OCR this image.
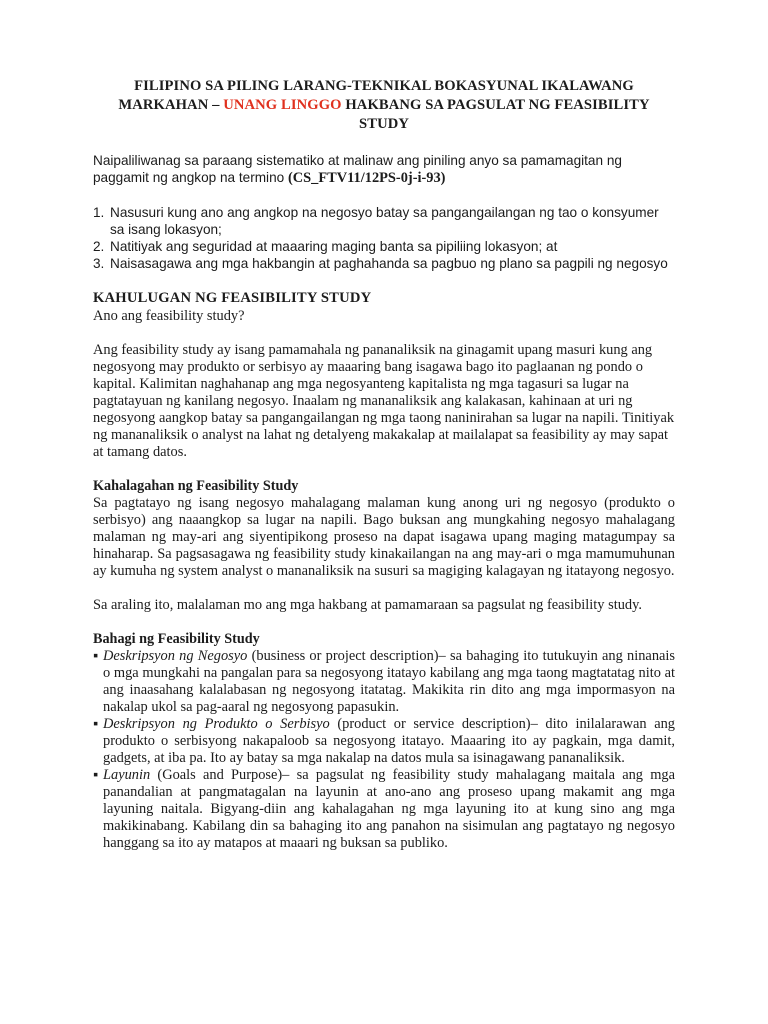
FILIPINO SA PILING LARANG-TEKNIKAL BOKASYUNAL IKALAWANG MARKAHAN – UNANG LINGGO HAKBANG SA PAGSULAT NG FEASIBILITY STUDY

Naipaliliwanag sa paraang sistematiko at malinaw ang piniling anyo sa pamamagitan ng paggamit ng angkop na termino (CS_FTV11/12PS-0j-i-93)

1. Nasusuri kung ano ang angkop na negosyo batay sa pangangailangan ng tao o konsyumer sa isang lokasyon;
2. Natitiyak ang seguridad at maaaring maging banta sa pipiliing lokasyon; at
3. Naisasagawa ang mga hakbangin at paghahanda sa pagbuo ng plano sa pagpili ng negosyo
KAHULUGAN NG FEASIBILITY STUDY

Ano ang feasibility study?

Ang feasibility study ay isang pamamahala ng pananaliksik na ginagamit upang masuri kung ang negosyong may produkto or serbisyo ay maaaring bang isagawa bago ito paglaanan ng pondo o kapital. Kalimitan naghahanap ang mga negosyanteng kapitalista ng mga tagasuri sa lugar na pagtatayuan ng kanilang negosyo. Inaalam ng mananaliksik ang kalakasan, kahinaan at uri ng negosyong aangkop batay sa pangangailangan ng mga taong naninirahan sa lugar na napili. Tinitiyak ng mananaliksik o analyst na lahat ng detalyeng makakalap at mailalapat sa feasibility ay may sapat at tamang datos.

Kahalagahan ng Feasibility Study

Sa pagtatayo ng isang negosyo mahalagang malaman kung anong uri ng negosyo (produkto o serbisyo) ang naaangkop sa lugar na napili. Bago buksan ang mungkahing negosyo mahalagang malaman ng may-ari ang siyentipikong proseso na dapat isagawa upang maging matagumpay sa hinaharap. Sa pagsasagawa ng feasibility study kinakailangan na ang may-ari o mga mamumuhunan ay kumuha ng system analyst o mananaliksik na susuri sa magiging kalagayan ng itatayong negosyo.

Sa araling ito, malalaman mo ang mga hakbang at pamamaraan sa pagsulat ng feasibility study.

Bahagi ng Feasibility Study
▪ Deskripsyon ng Negosyo (business or project description)– sa bahaging ito tutukuyin ang ninanais o mga mungkahi na pangalan para sa negosyong itatayo kabilang ang mga taong magtatatag nito at ang inaasahang kalalabasan ng negosyong itatatag. Makikita rin dito ang mga impormasyon na nakalap ukol sa pag-aaral ng negosyong papasukin.
▪ Deskripsyon ng Produkto o Serbisyo (product or service description)– dito inilalarawan ang produkto o serbisyong nakapaloob sa negosyong itatayo. Maaaring ito ay pagkain, mga damit, gadgets, at iba pa. Ito ay batay sa mga nakalap na datos mula sa isinagawang pananaliksik.
▪ Layunin (Goals and Purpose)– sa pagsulat ng feasibility study mahalagang maitala ang mga panandalian at pangmatagalan na layunin at ano-ano ang proseso upang makamit ang mga layuning naitala. Bigyang-diin ang kahalagahan ng mga layuning ito at kung sino ang mga makikinabang. Kabilang din sa bahaging ito ang panahon na sisimulan ang pagtatayo ng negosyo hanggang sa ito ay matapos at maaari ng buksan sa publiko.
